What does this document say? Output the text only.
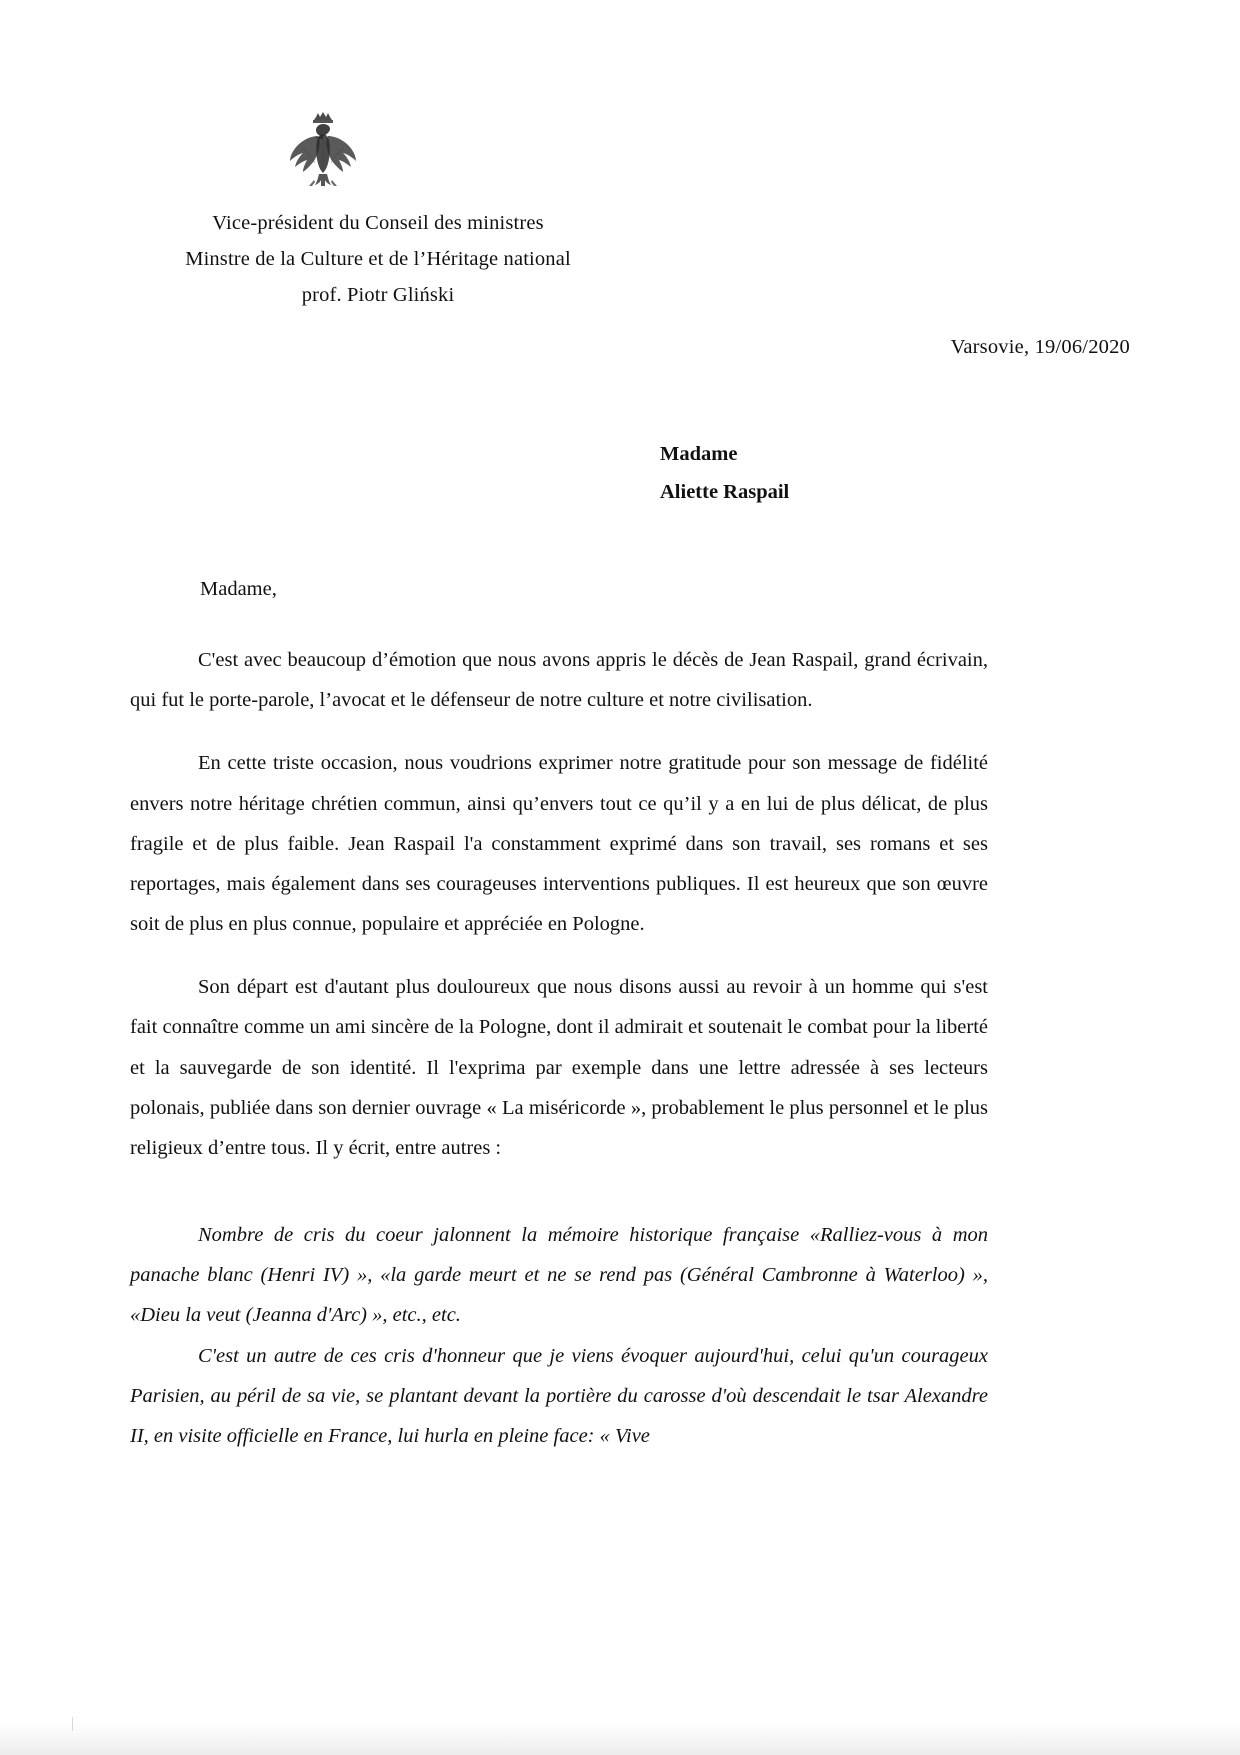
Vice-président du Conseil des ministres
Minstre de la Culture et de l’Héritage national
prof. Piotr Gliński
Varsovie, 19/06/2020
Madame
Aliette Raspail
Madame,

C'est avec beaucoup d’émotion que nous avons appris le décès de Jean Raspail, grand écrivain, qui fut le porte-parole, l’avocat et le défenseur de notre culture et notre civilisation.

En cette triste occasion, nous voudrions exprimer notre gratitude pour son message de fidélité envers notre héritage chrétien commun, ainsi qu’envers tout ce qu’il y a en lui de plus délicat, de plus fragile et de plus faible. Jean Raspail l'a constamment exprimé dans son travail, ses romans et ses reportages, mais également dans ses courageuses interventions publiques. Il est heureux que son œuvre soit de plus en plus connue, populaire et appréciée en Pologne.

Son départ est d'autant plus douloureux que nous disons aussi au revoir à un homme qui s'est fait connaître comme un ami sincère de la Pologne, dont il admirait et soutenait le combat pour la liberté et la sauvegarde de son identité. Il l'exprima par exemple dans une lettre adressée à ses lecteurs polonais, publiée dans son dernier ouvrage « La miséricorde », probablement le plus personnel et le plus religieux d’entre tous. Il y écrit, entre autres :

Nombre de cris du coeur jalonnent la mémoire historique française «Ralliez-vous à mon panache blanc (Henri IV) », «la garde meurt et ne se rend pas (Général Cambronne à Waterloo) », «Dieu la veut (Jeanna d'Arc) », etc., etc.

C'est un autre de ces cris d'honneur que je viens évoquer aujourd'hui, celui qu'un courageux Parisien, au péril de sa vie, se plantant devant la portière du carosse d'où descendait le tsar Alexandre II, en visite officielle en France, lui hurla en pleine face: « Vive
